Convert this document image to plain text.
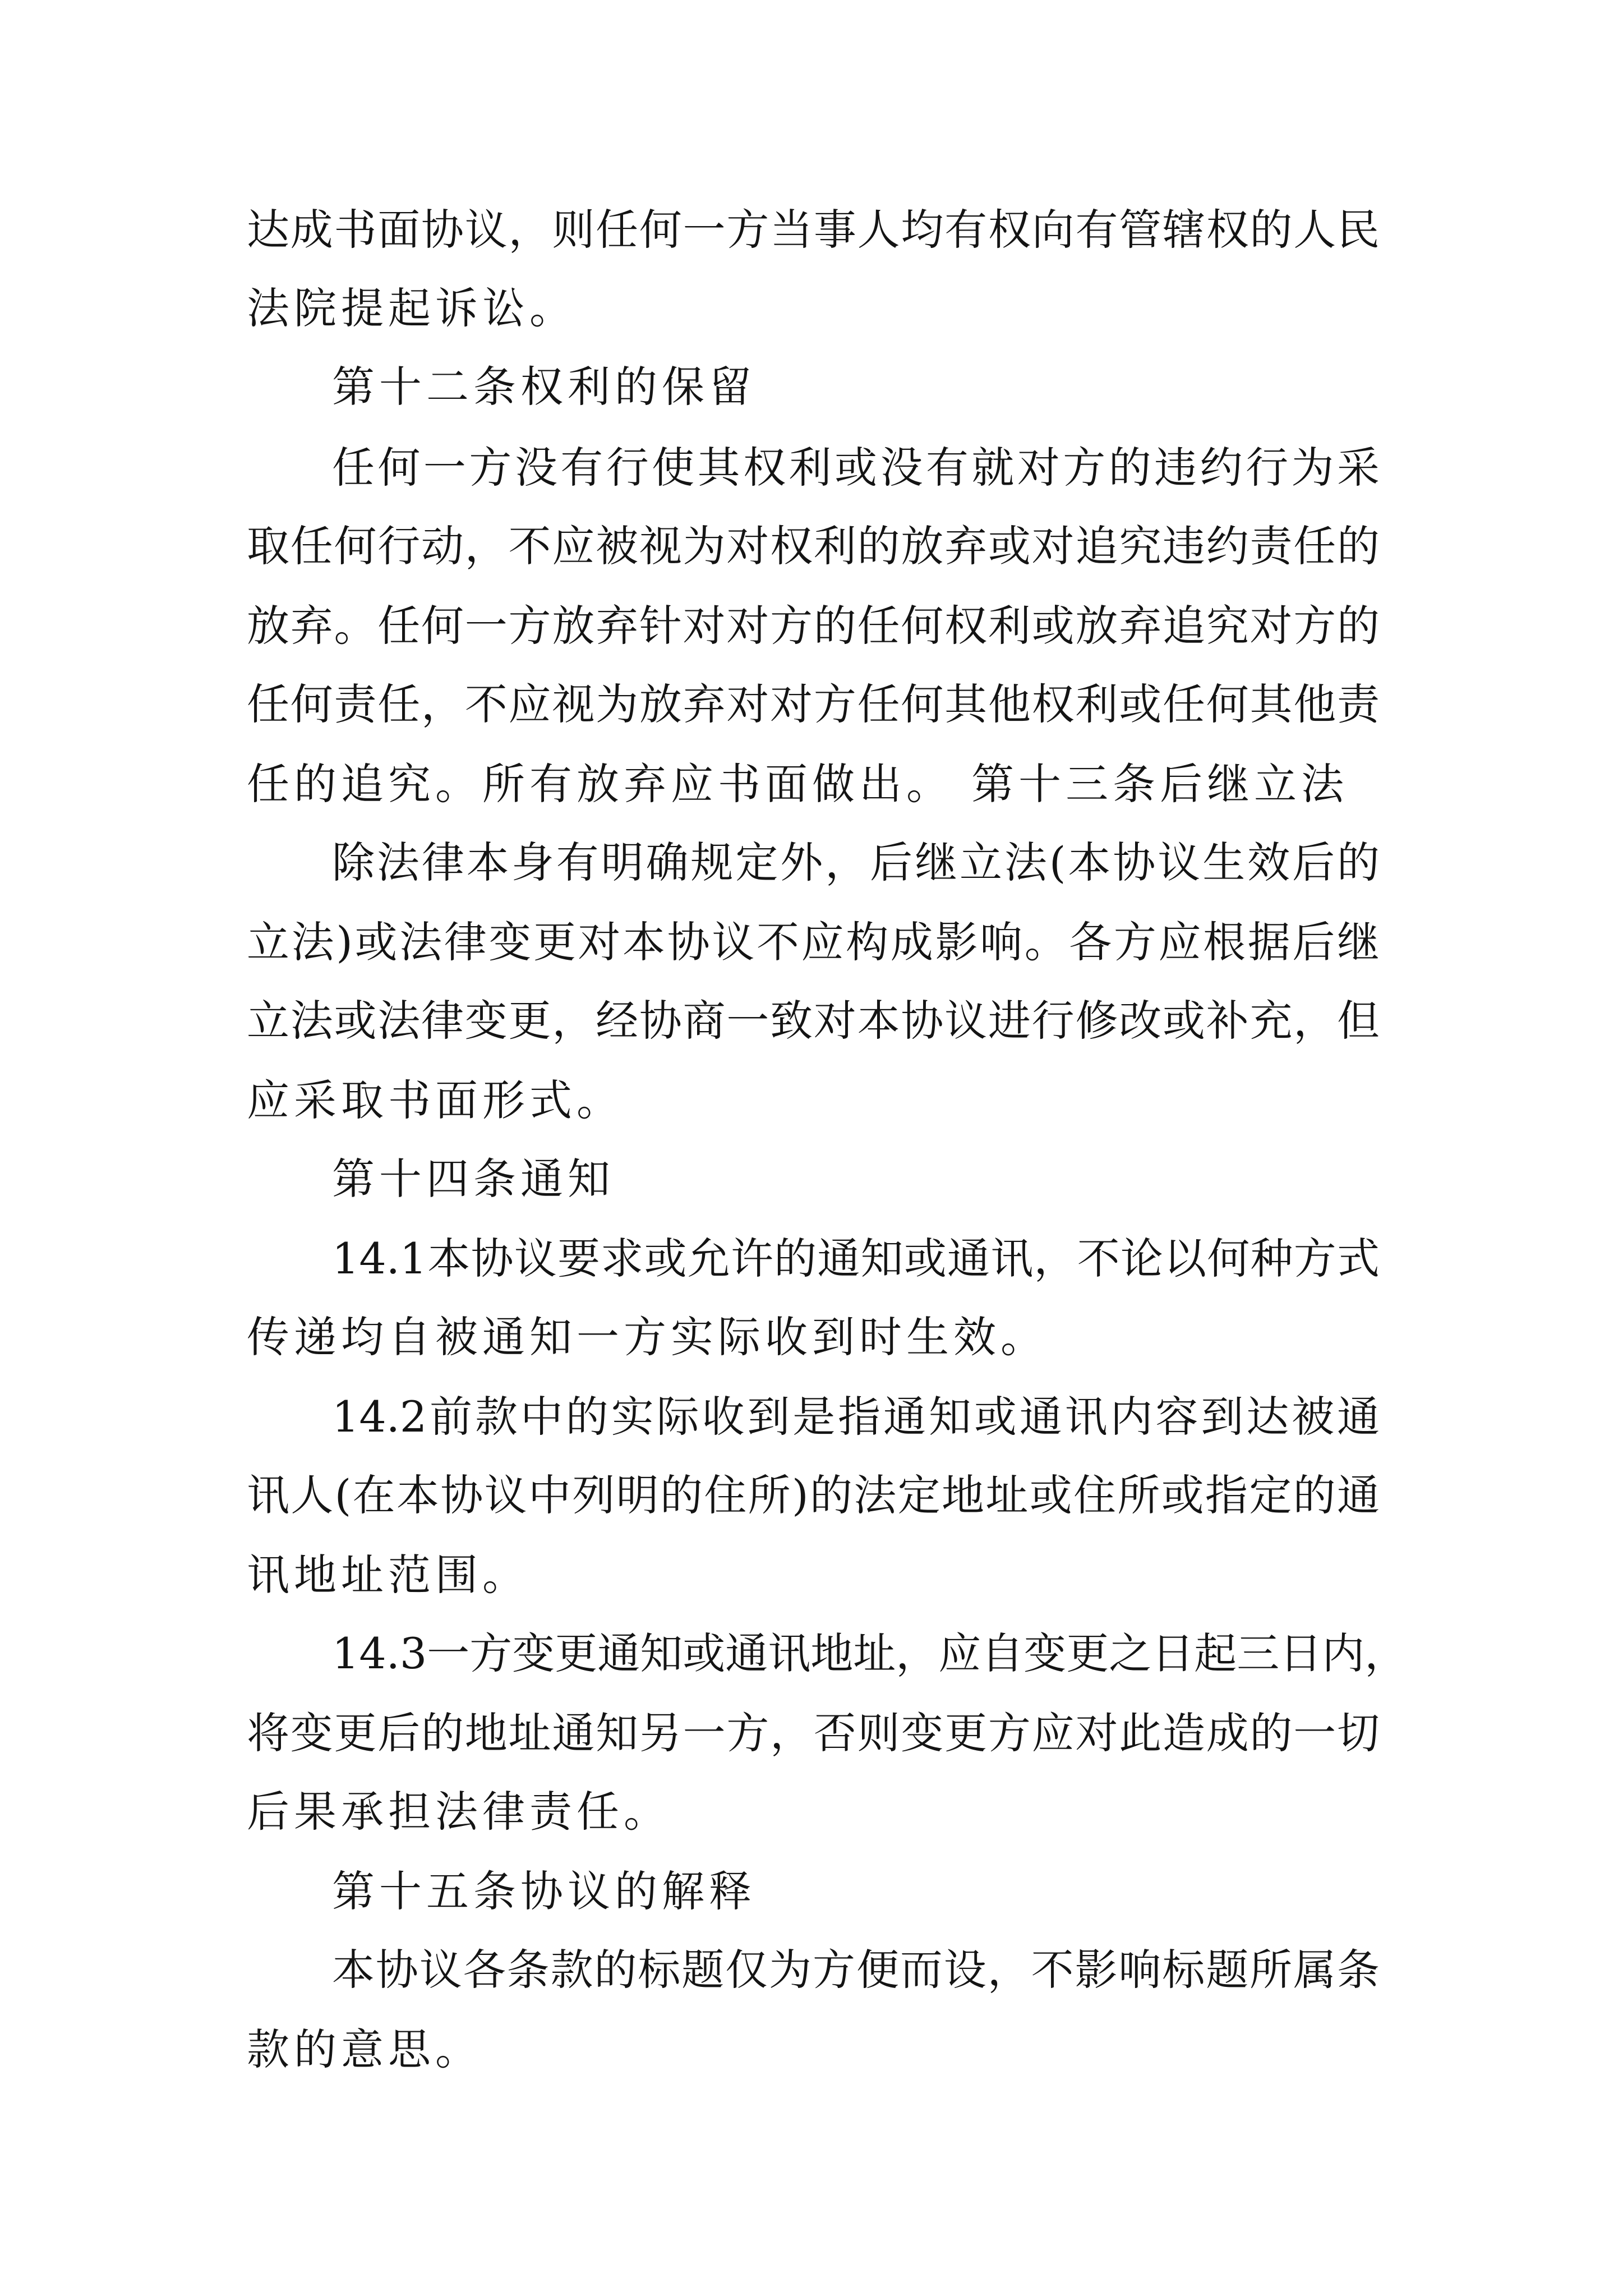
达成书面协议，则任何一方当事人均有权向有管辖权的人民
法院提起诉讼。
第十二条权利的保留
任何一方没有行使其权利或没有就对方的违约行为采
取任何行动，不应被视为对权利的放弃或对追究违约责任的
放弃。任何一方放弃针对对方的任何权利或放弃追究对方的
任何责任，不应视为放弃对对方任何其他权利或任何其他责
任的追究。所有放弃应书面做出。 第十三条后继立法
除法律本身有明确规定外，后继立法(本协议生效后的
立法)或法律变更对本协议不应构成影响。各方应根据后继
立法或法律变更，经协商一致对本协议进行修改或补充，但
应采取书面形式。
第十四条通知
14.1本协议要求或允许的通知或通讯，不论以何种方式
传递均自被通知一方实际收到时生效。
14.2前款中的实际收到是指通知或通讯内容到达被通
讯人(在本协议中列明的住所)的法定地址或住所或指定的通
讯地址范围。
14.3一方变更通知或通讯地址，应自变更之日起三日内，
将变更后的地址通知另一方，否则变更方应对此造成的一切
后果承担法律责任。
第十五条协议的解释
本协议各条款的标题仅为方便而设，不影响标题所属条
款的意思。
